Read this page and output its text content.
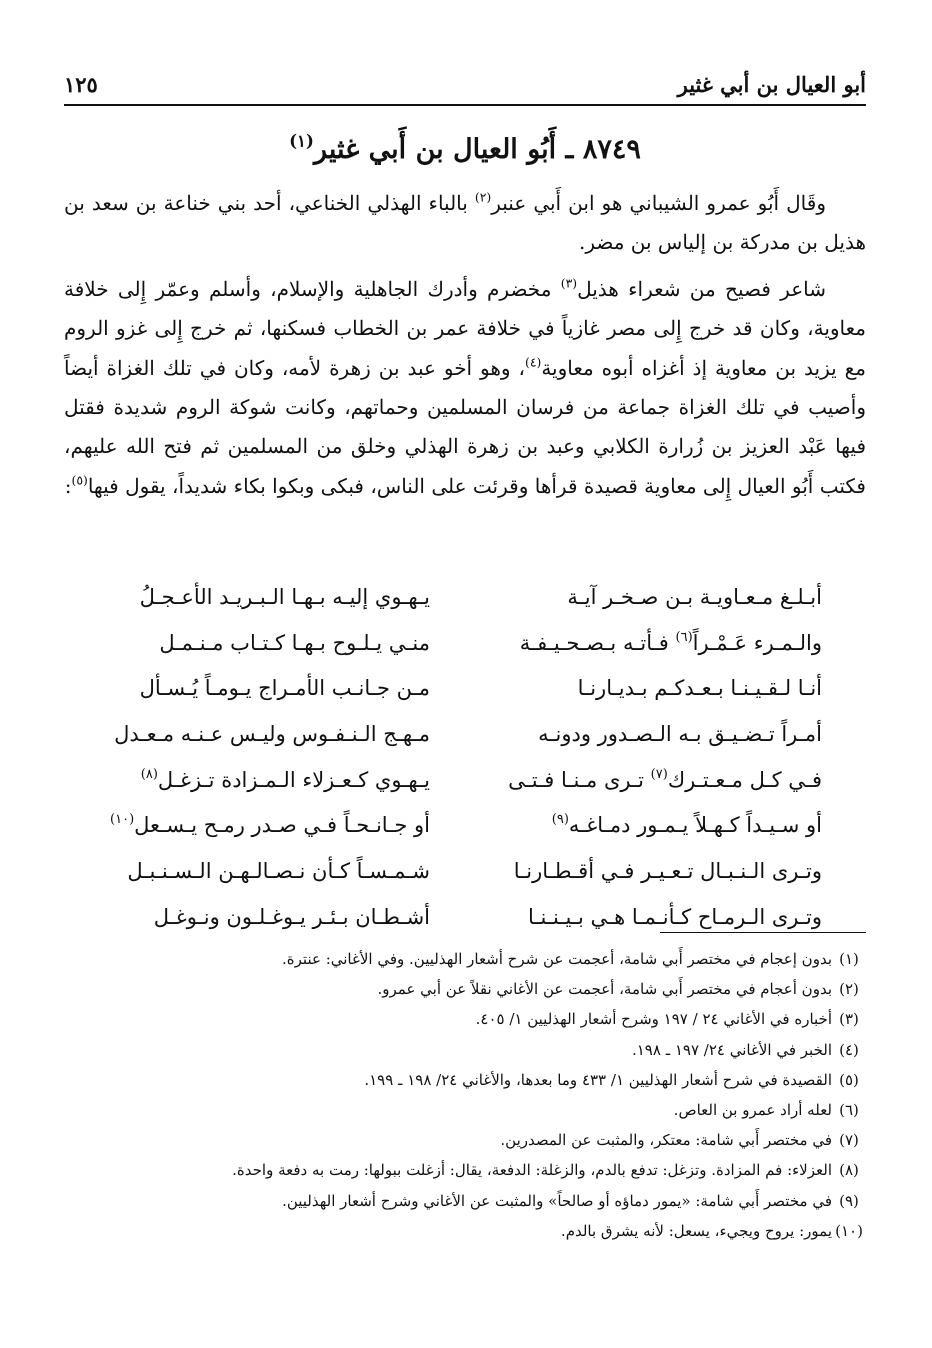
أبو العيال بن أبي غثير
١٢٥
٨٧٤٩ ـ أَبُو العيال بن أَبي غثير$^{(١)}$

وقَال أَبُو عمرو الشيباني هو ابن أَبي عنبر$^{(٢)}$ بالباء الهذلي الخناعي، أحد بني خناعة بن سعد بن هذيل بن مدركة بن إلياس بن مضر.

شاعر فصيح من شعراء هذيل$^{(٣)}$ مخضرم وأدرك الجاهلية والإسلام، وأسلم وعمّر إِلى خلافة معاوية، وكان قد خرج إِلى مصر غازياً في خلافة عمر بن الخطاب فسكنها، ثم خرج إِلى غزو الروم مع يزيد بن معاوية إذ أغزاه أبوه معاوية$^{(٤)}$، وهو أخو عبد بن زهرة لأمه، وكان في تلك الغزاة أيضاً وأصيب في تلك الغزاة جماعة من فرسان المسلمين وحماتهم، وكانت شوكة الروم شديدة فقتل فيها عَبْد العزيز بن زُرارة الكلابي وعبد بن زهرة الهذلي وخلق من المسلمين ثم فتح الله عليهم، فكتب أَبُو العيال إِلى معاوية قصيدة قرأها وقرئت على الناس، فبكى وبكوا بكاء شديداً، يقول فيها$^{(٥)}$:

أبـلـغ مـعـاويـة بـن صـخـر آيـة
يـهـوي إليـه بـهـا الـبـريـد الأعـجـلُ
والـمـرء عَـمْـراً$^{(٦)}$ فـأتـه بـصـحـيـفـة
منـي يـلـوح بـهـا كـتـاب مـنـمـل
أنـا لـقـيـنـا بـعـدكـم بـديـارنـا
مـن جـانـب الأمـراج يـومـاً يُـسـأل
أمـراً تـضـيـق بـه الـصـدور ودونـه
مـهـج الـنـفـوس وليـس عـنـه مـعـدل
فـي كـل مـعـتـرك$^{(٧)}$ تـرى مـنـا فـتـى
يـهـوي كـعـزلاء الـمـزادة تـزغـل$^{(٨)}$
أو سـيـداً كـهـلاً يـمـور دمـاغـه$^{(٩)}$
أو جـانـحـاً فـي صـدر رمـح يـسـعل$^{(١٠)}$
وتـرى الـنـبـال تـعـيـر فـي أقـطـارنـا
شـمـسـاً كـأن نـصـالـهـن الـسـنـبـل
وتـرى الـرمـاح كـأنـمـا هـي بـيـنـنـا
أشـطـان بـئـر يـوغـلـون ونـوغـل
(١)
بدون إعجام في مختصر أَبي شامة، أعجمت عن شرح أشعار الهذليين. وفي الأغاني: عنترة.
(٢)
بدون أعجام في مختصر أَبي شامة، أعجمت عن الأغاني نقلاً عن أبي عمرو.
(٣)
أخباره في الأغاني ٢٤ / ١٩٧ وشرح أشعار الهذليين ١/ ٤٠٥.
(٤)
الخبر في الأغاني ٢٤/ ١٩٧ ـ ١٩٨.
(٥)
القصيدة في شرح أشعار الهذليين ١/ ٤٣٣ وما بعدها، والأغاني ٢٤/ ١٩٨ ـ ١٩٩.
(٦)
لعله أراد عمرو بن العاص.
(٧)
في مختصر أَبي شامة: معتكر، والمثبت عن المصدرين.
(٨)
العزلاء: فم المزادة. وتزغل: تدفع بالدم، والزغلة: الدفعة، يقال: أزغلت ببولها: رمت به دفعة واحدة.
(٩)
في مختصر أَبي شامة: «يمور دماؤه أو صالحاً» والمثبت عن الأغاني وشرح أشعار الهذليين.
(١٠)
يمور: يروح ويجيء، يسعل: لأنه يشرق بالدم.
